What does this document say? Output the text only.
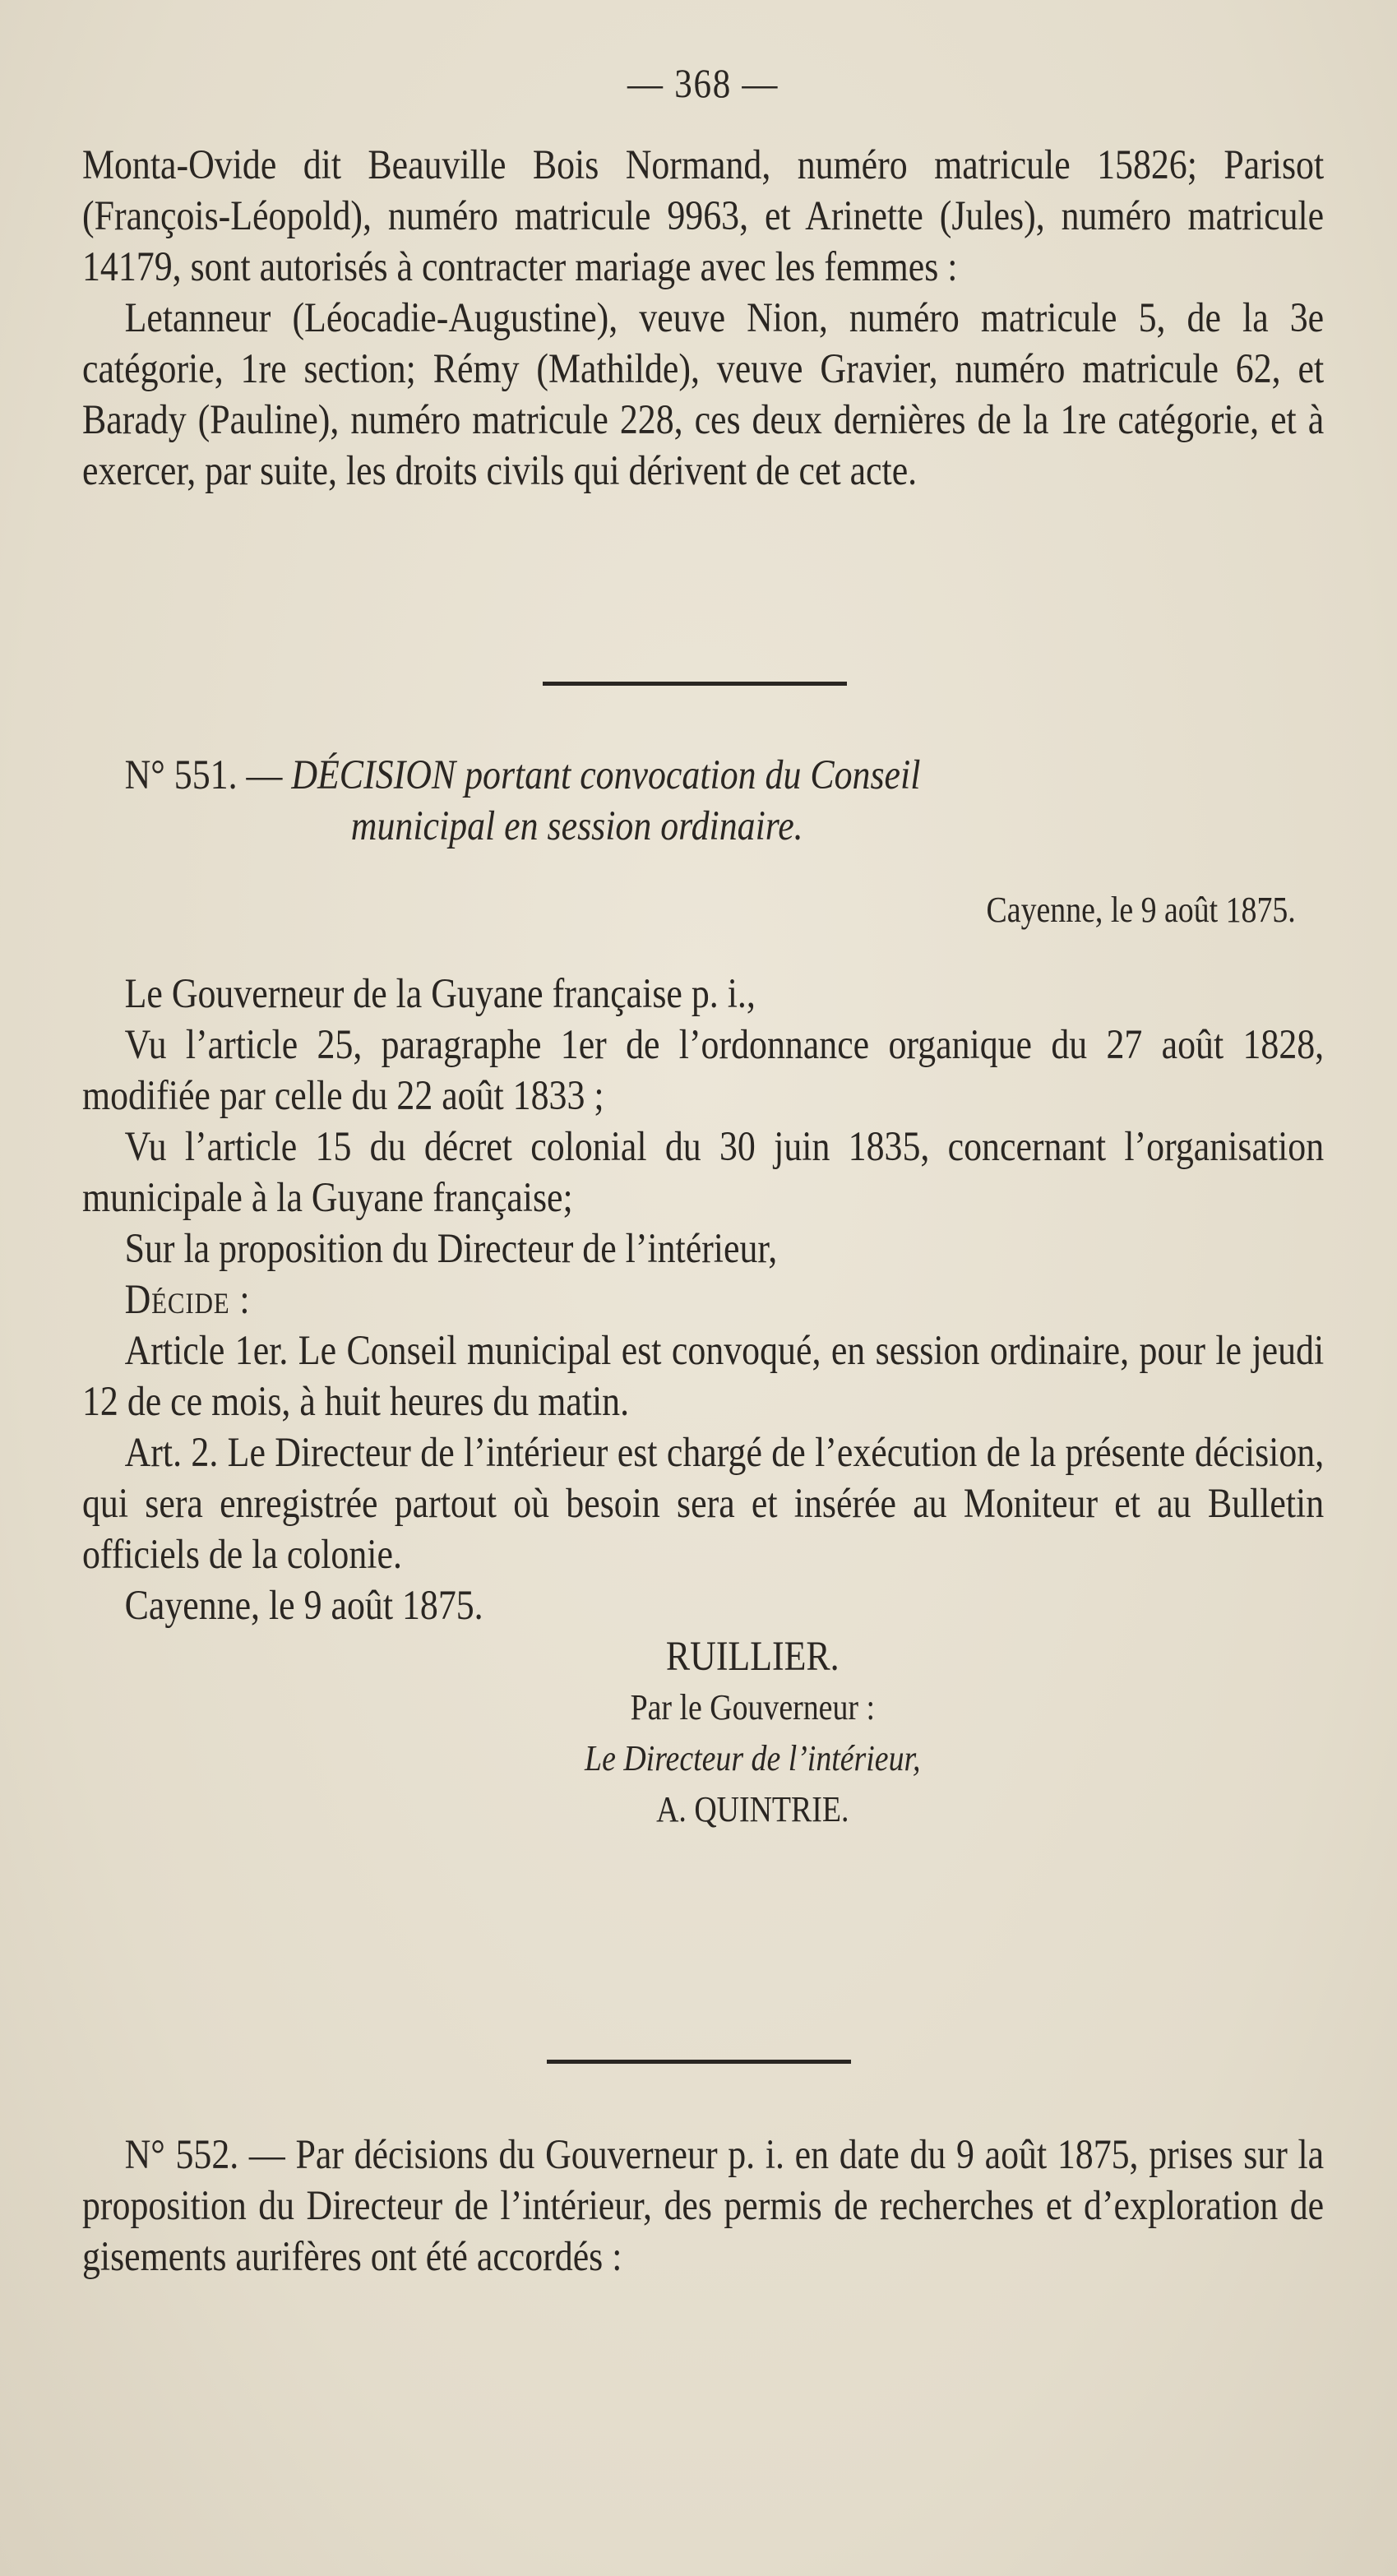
— 368 —

Monta-Ovide dit Beauville Bois Normand, numéro matricule 15826; Parisot (François-Léopold), numéro matricule 9963, et Arinette (Jules), numéro matricule 14179, sont autorisés à contracter mariage avec les femmes :

Letanneur (Léocadie-Augustine), veuve Nion, numéro matricule 5, de la 3e catégorie, 1re section; Rémy (Mathilde), veuve Gravier, numéro matricule 62, et Barady (Pauline), numéro matricule 228, ces deux dernières de la 1re catégorie, et à exercer, par suite, les droits civils qui dérivent de cet acte.

N° 551. — DÉCISION portant convocation du Conseil

municipal en session ordinaire.

Cayenne, le 9 août 1875.

Le Gouverneur de la Guyane française p. i.,

Vu l’article 25, paragraphe 1er de l’ordonnance organique du 27 août 1828, modifiée par celle du 22 août 1833 ;

Vu l’article 15 du décret colonial du 30 juin 1835, concernant l’organisation municipale à la Guyane française;

Sur la proposition du Directeur de l’intérieur,

Décide :

Article 1er. Le Conseil municipal est convoqué, en session ordinaire, pour le jeudi 12 de ce mois, à huit heures du matin.

Art. 2. Le Directeur de l’intérieur est chargé de l’exécution de la présente décision, qui sera enregistrée partout où besoin sera et insérée au Moniteur et au Bulletin officiels de la colonie.

Cayenne, le 9 août 1875.

RUILLIER.

Par le Gouverneur :

Le Directeur de l’intérieur,

A. QUINTRIE.

N° 552. — Par décisions du Gouverneur p. i. en date du 9 août 1875, prises sur la proposition du Directeur de l’intérieur, des permis de recherches et d’exploration de gisements aurifères ont été accordés :
